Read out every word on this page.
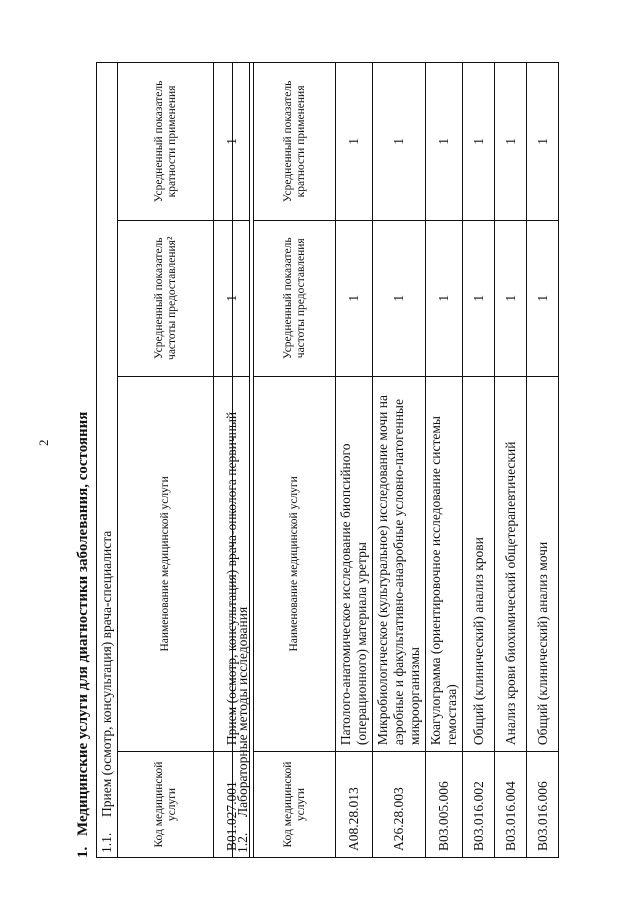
2
1.Медицинские услуги для диагностики заболевания, состояния
1.1.Прием (осмотр, консультация) врача-специалиста			
Код медицинской услуги	Наименование медицинской услуги	Усредненный показатель частоты предоставления²	Усредненный показатель кратности применения
B01.027.001	Прием (осмотр, консультация) врача-онколога первичный	1	1
1.2.Лабораторные методы исследования			
Код медицинской услуги	Наименование медицинской услуги	Усредненный показатель частоты предоставления	Усредненный показатель кратности применения
A08.28.013	Патолого-анатомическое исследование биопсийного (операционного) материала уретры	1	1
A26.28.003	Микробиологическое (культуральное) исследование мочи на аэробные и факультативно-анаэробные условно-патогенные микроорганизмы	1	1
B03.005.006	Коагулограмма (ориентировочное исследование системы гемостаза)	1	1
B03.016.002	Общий (клинический) анализ крови	1	1
B03.016.004	Анализ крови биохимический общетерапевтический	1	1
B03.016.006	Общий (клинический) анализ мочи	1	1
